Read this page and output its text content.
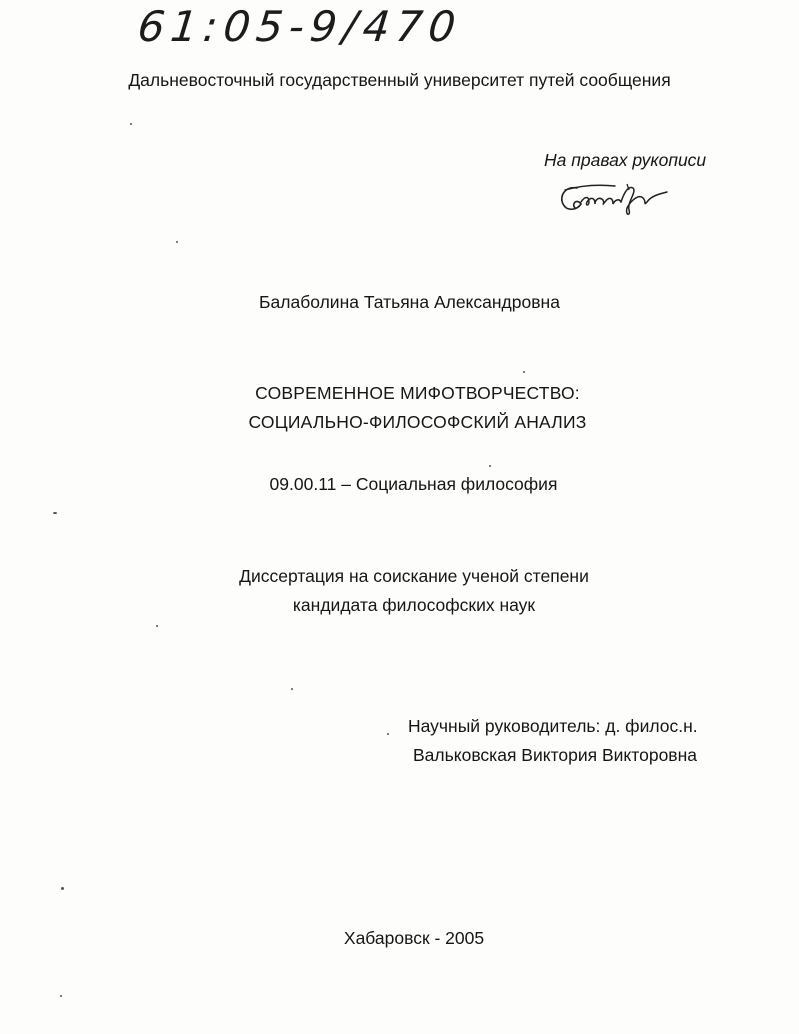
61:05-9/470
Дальневосточный государственный университет путей сообщения
На правах рукописи
Балаболина Татьяна Александровна
СОВРЕМЕННОЕ МИФОТВОРЧЕСТВО:
СОЦИАЛЬНО-ФИЛОСОФСКИЙ АНАЛИЗ
09.00.11 – Социальная философия
Диссертация на соискание ученой степени
кандидата философских наук
Научный руководитель: д. филос.н.
Вальковская Виктория Викторовна
Хабаровск - 2005
